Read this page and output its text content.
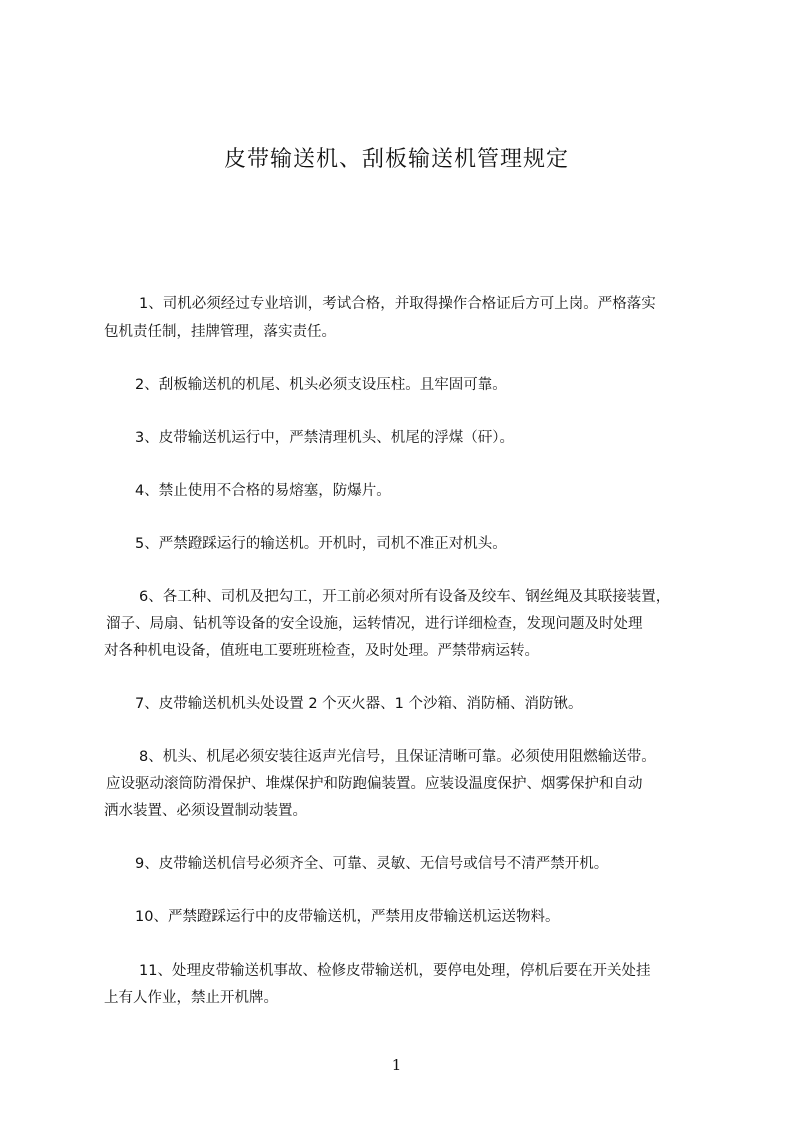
皮带输送机、刮板输送机管理规定
1、司机必须经过专业培训，考试合格，并取得操作合格证后方可上岗。严格落实
包机责任制，挂牌管理，落实责任。
2、刮板输送机的机尾、机头必须支设压柱。且牢固可靠。
3、皮带输送机运行中，严禁清理机头、机尾的浮煤（矸）。
4、禁止使用不合格的易熔塞，防爆片。
5、严禁蹬踩运行的输送机。开机时，司机不准正对机头。
6、各工种、司机及把勾工，开工前必须对所有设备及绞车、钢丝绳及其联接装置，
溜子、局扇、钻机等设备的安全设施，运转情况，进行详细检查，发现问题及时处理
对各种机电设备，值班电工要班班检查，及时处理。严禁带病运转。
7、皮带输送机机头处设置 2 个灭火器、1 个沙箱、消防桶、消防锹。
8、机头、机尾必须安装往返声光信号，且保证清晰可靠。必须使用阻燃输送带。
应设驱动滚筒防滑保护、堆煤保护和防跑偏装置。应装设温度保护、烟雾保护和自动
洒水装置、必须设置制动装置。
9、皮带输送机信号必须齐全、可靠、灵敏、无信号或信号不清严禁开机。
10、严禁蹬踩运行中的皮带输送机，严禁用皮带输送机运送物料。
11、处理皮带输送机事故、检修皮带输送机，要停电处理，停机后要在开关处挂
上有人作业，禁止开机牌。
1
